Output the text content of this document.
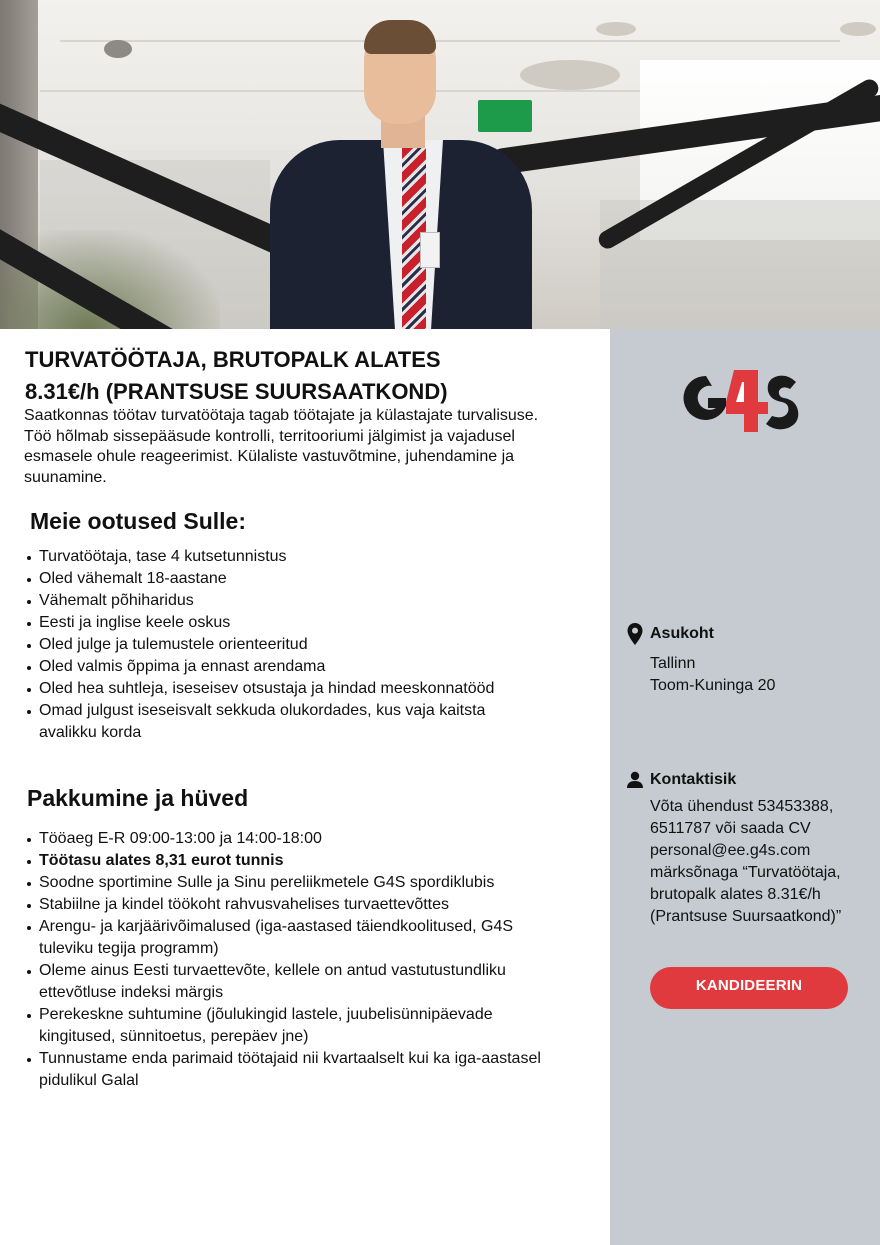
Asukoht
Tallinn
Toom-Kuninga 20
Kontaktisik
Võta ühendust 53453388, 6511787 või saada CV personal@ee.g4s.com märksõnaga “Turvatöötaja, brutopalk alates 8.31€/h (Prantsuse Suursaatkond)”
KANDIDEERIN
TURVATÖÖTAJA, BRUTOPALK ALATES
8.31€/h (PRANTSUSE SUURSAATKOND)
Saatkonnas töötav turvatöötaja tagab töötajate ja külastajate turvalisuse. Töö hõlmab sissepääsude kontrolli, territooriumi jälgimist ja vajadusel esmasele ohule reageerimist. Külaliste vastuvõtmine, juhendamine ja suunamine.
Meie ootused Sulle:
Turvatöötaja, tase 4 kutsetunnistus
Oled vähemalt 18-aastane
Vähemalt põhiharidus
Eesti ja inglise keele oskus
Oled julge ja tulemustele orienteeritud
Oled valmis õppima ja ennast arendama
Oled hea suhtleja, iseseisev otsustaja ja hindad meeskonnatööd
Omad julgust iseseisvalt sekkuda olukordades, kus vaja kaitsta avalikku korda
Pakkumine ja hüved
Tööaeg E-R 09:00-13:00 ja 14:00-18:00
Töötasu alates 8,31 eurot tunnis
Soodne sportimine Sulle ja Sinu pereliikmetele G4S spordiklubis
Stabiilne ja kindel töökoht rahvusvahelises turvaettevõttes
Arengu- ja karjäärivõimalused (iga-aastased täiendkoolitused, G4S tuleviku tegija programm)
Oleme ainus Eesti turvaettevõte, kellele on antud vastutustundliku ettevõtluse indeksi märgis
Perekeskne suhtumine (jõulukingid lastele, juubelisünnipäevade kingitused, sünnitoetus, perepäev jne)
Tunnustame enda parimaid töötajaid nii kvartaalselt kui ka iga-aastasel pidulikul Galal
